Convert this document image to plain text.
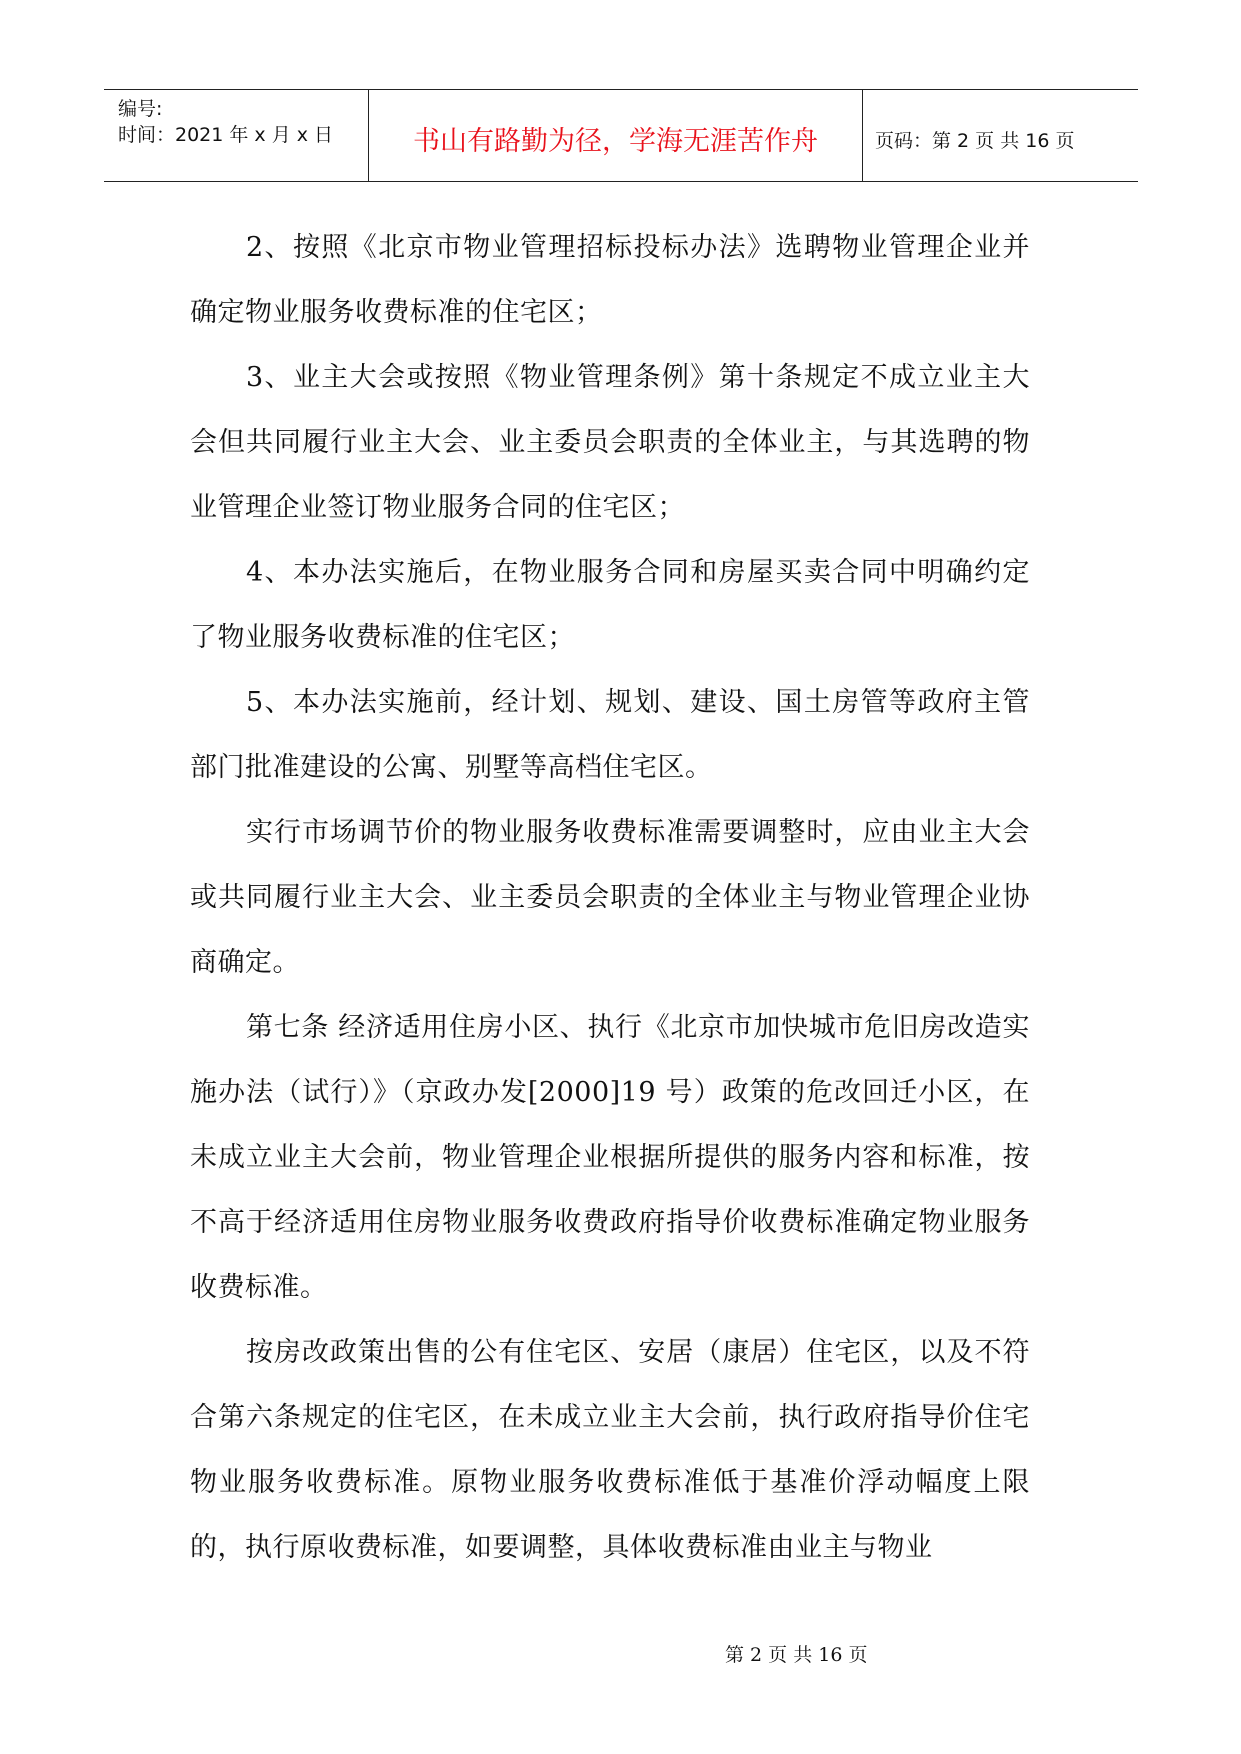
编号:
时间：2021 年 x 月 x 日	书山有路勤为径，学海无涯苦作舟	页码：第 2 页 共 16 页

2、按照《北京市物业管理招标投标办法》选聘物业管理企业并确定物业服务收费标准的住宅区；

3、业主大会或按照《物业管理条例》第十条规定不成立业主大会但共同履行业主大会、业主委员会职责的全体业主，与其选聘的物业管理企业签订物业服务合同的住宅区；

4、本办法实施后，在物业服务合同和房屋买卖合同中明确约定了物业服务收费标准的住宅区；

5、本办法实施前，经计划、规划、建设、国土房管等政府主管部门批准建设的公寓、别墅等高档住宅区。

实行市场调节价的物业服务收费标准需要调整时，应由业主大会或共同履行业主大会、业主委员会职责的全体业主与物业管理企业协商确定。

第七条 经济适用住房小区、执行《北京市加快城市危旧房改造实施办法（试行）》（京政办发[2000]19 号）政策的危改回迁小区，在未成立业主大会前，物业管理企业根据所提供的服务内容和标准，按不高于经济适用住房物业服务收费政府指导价收费标准确定物业服务收费标准。

按房改政策出售的公有住宅区、安居（康居）住宅区，以及不符合第六条规定的住宅区，在未成立业主大会前，执行政府指导价住宅物业服务收费标准。原物业服务收费标准低于基准价浮动幅度上限的，执行原收费标准，如要调整，具体收费标准由业主与物业

第 2 页 共 16 页
